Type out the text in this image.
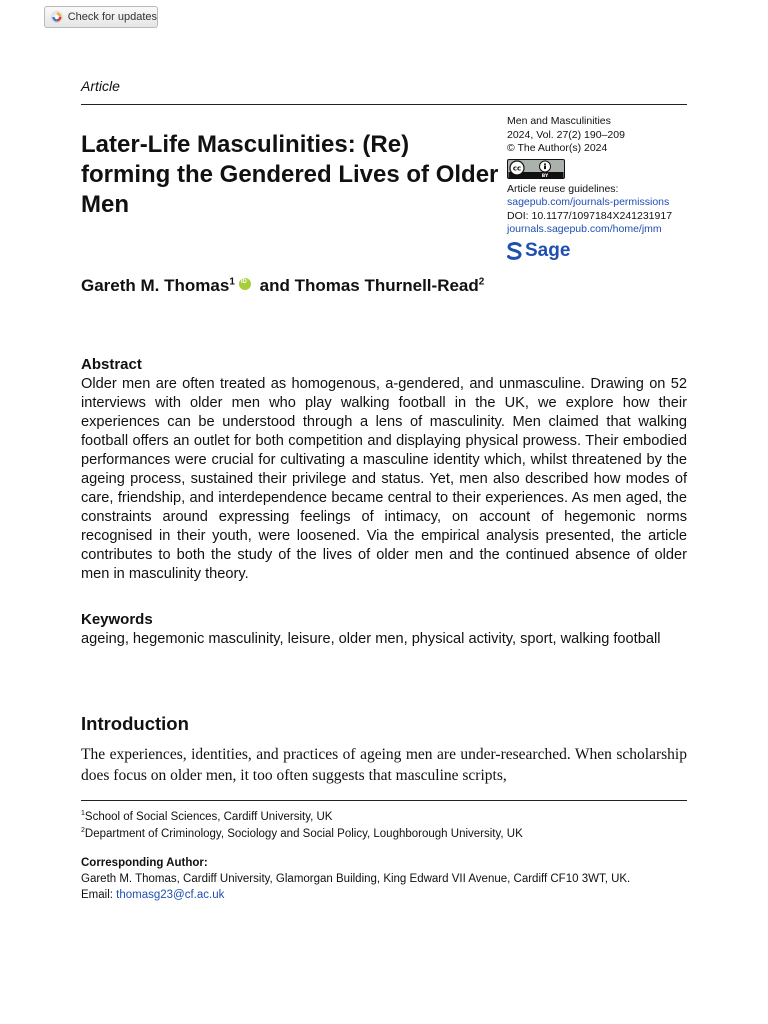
Check for updates
Article
Later-Life Masculinities: (Re) forming the Gendered Lives of Older Men
Men and Masculinities
2024, Vol. 27(2) 190–209
© The Author(s) 2024
cc
BY
Article reuse guidelines:
sagepub.com/journals-permissions
DOI: 10.1177/1097184X241231917
journals.sagepub.com/home/jmm
Sage
Gareth M. Thomas$^1$ iD and Thomas Thurnell-Read$^2$
Abstract

Older men are often treated as homogenous, a-gendered, and unmasculine. Drawing on 52 interviews with older men who play walking football in the UK, we explore how their experiences can be understood through a lens of masculinity. Men claimed that walking football offers an outlet for both competition and displaying physical prowess. Their embodied performances were crucial for cultivating a masculine identity which, whilst threatened by the ageing process, sustained their privilege and status. Yet, men also described how modes of care, friendship, and interdependence became central to their experiences. As men aged, the constraints around expressing feelings of intimacy, on account of hegemonic norms recognised in their youth, were loosened. Via the empirical analysis presented, the article contributes to both the study of the lives of older men and the continued absence of older men in masculinity theory.

Keywords

ageing, hegemonic masculinity, leisure, older men, physical activity, sport, walking football

Introduction

The experiences, identities, and practices of ageing men are under-researched. When scholarship does focus on older men, it too often suggests that masculine scripts,

$^1$School of Social Sciences, Cardiff University, UK
$^2$Department of Criminology, Sociology and Social Policy, Loughborough University, UK
Corresponding Author:
Gareth M. Thomas, Cardiff University, Glamorgan Building, King Edward VII Avenue, Cardiff CF10 3WT, UK.
Email: thomasg23@cf.ac.uk
